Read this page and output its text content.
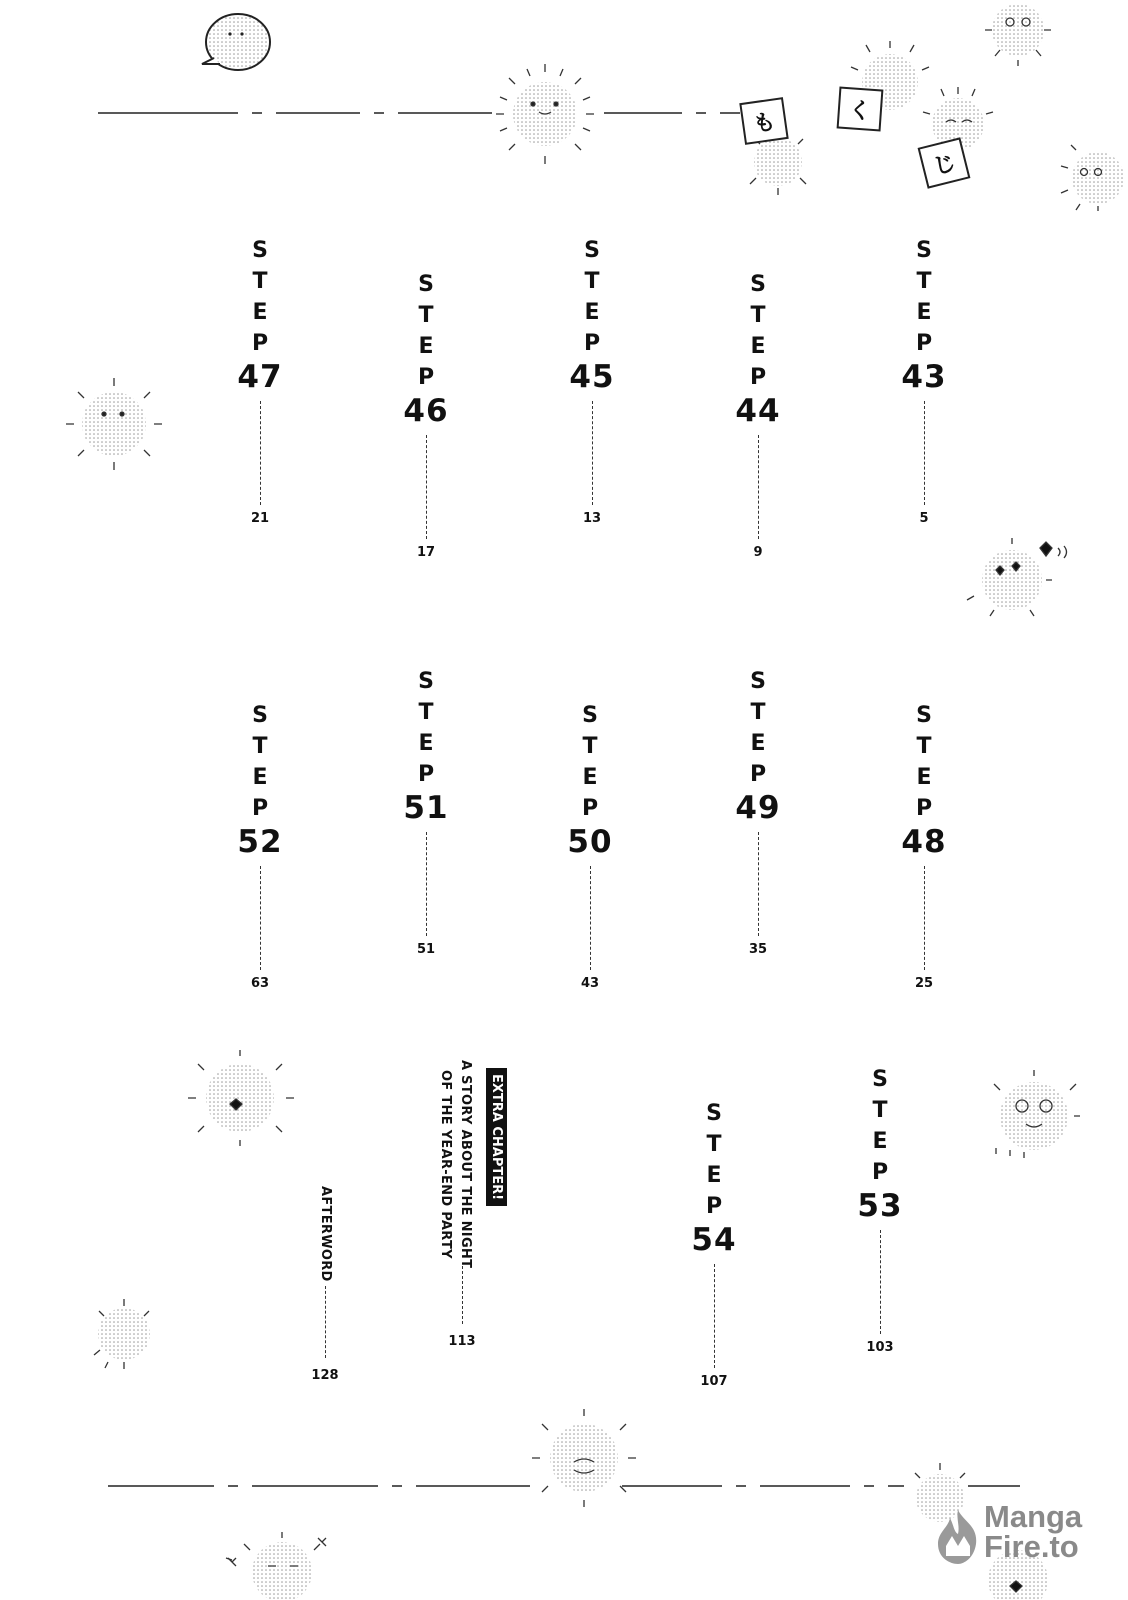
も	く
じ
S
T
E
P
47
21
S
T
E
P
46
17
S
T
E
P
45
13
S
T
E
P
44
9
S
T
E
P
43
5
S
T
E
P
52
63
S
T
E
P
51
51
S
T
E
P
50
43
S
T
E
P
49
35
S
T
E
P
48
25
S
T
E
P
54
107
S
T
E
P
53
103
EXTRA CHAPTER!
A STORY ABOUT THE NIGHT
OF THE YEAR-END PARTY
113
AFTERWORD
128
Manga
Fire.to
